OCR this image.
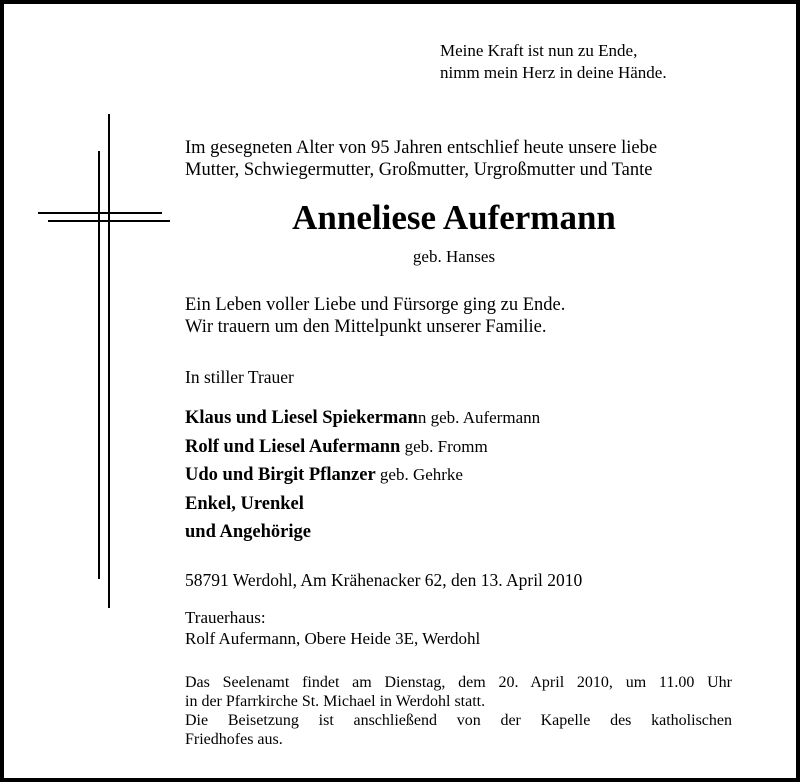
Meine Kraft ist nun zu Ende,
nimm mein Herz in deine Hände.
Im gesegneten Alter von 95 Jahren entschlief heute unsere liebe
Mutter, Schwiegermutter, Großmutter, Urgroßmutter und Tante
Anneliese Aufermann
geb. Hanses
Ein Leben voller Liebe und Fürsorge ging zu Ende.
Wir trauern um den Mittelpunkt unserer Familie.
In stiller Trauer
Klaus und Liesel Spiekermann geb. Aufermann
Rolf und Liesel Aufermann geb. Fromm
Udo und Birgit Pflanzer geb. Gehrke
Enkel, Urenkel
und Angehörige
58791 Werdohl, Am Krähenacker 62, den 13. April 2010
Trauerhaus:
Rolf Aufermann, Obere Heide 3E, Werdohl
Das Seelenamt findet am Dienstag, dem 20. April 2010, um 11.00 Uhr
in der Pfarrkirche St. Michael in Werdohl statt.
Die Beisetzung ist anschließend von der Kapelle des katholischen
Friedhofes aus.
